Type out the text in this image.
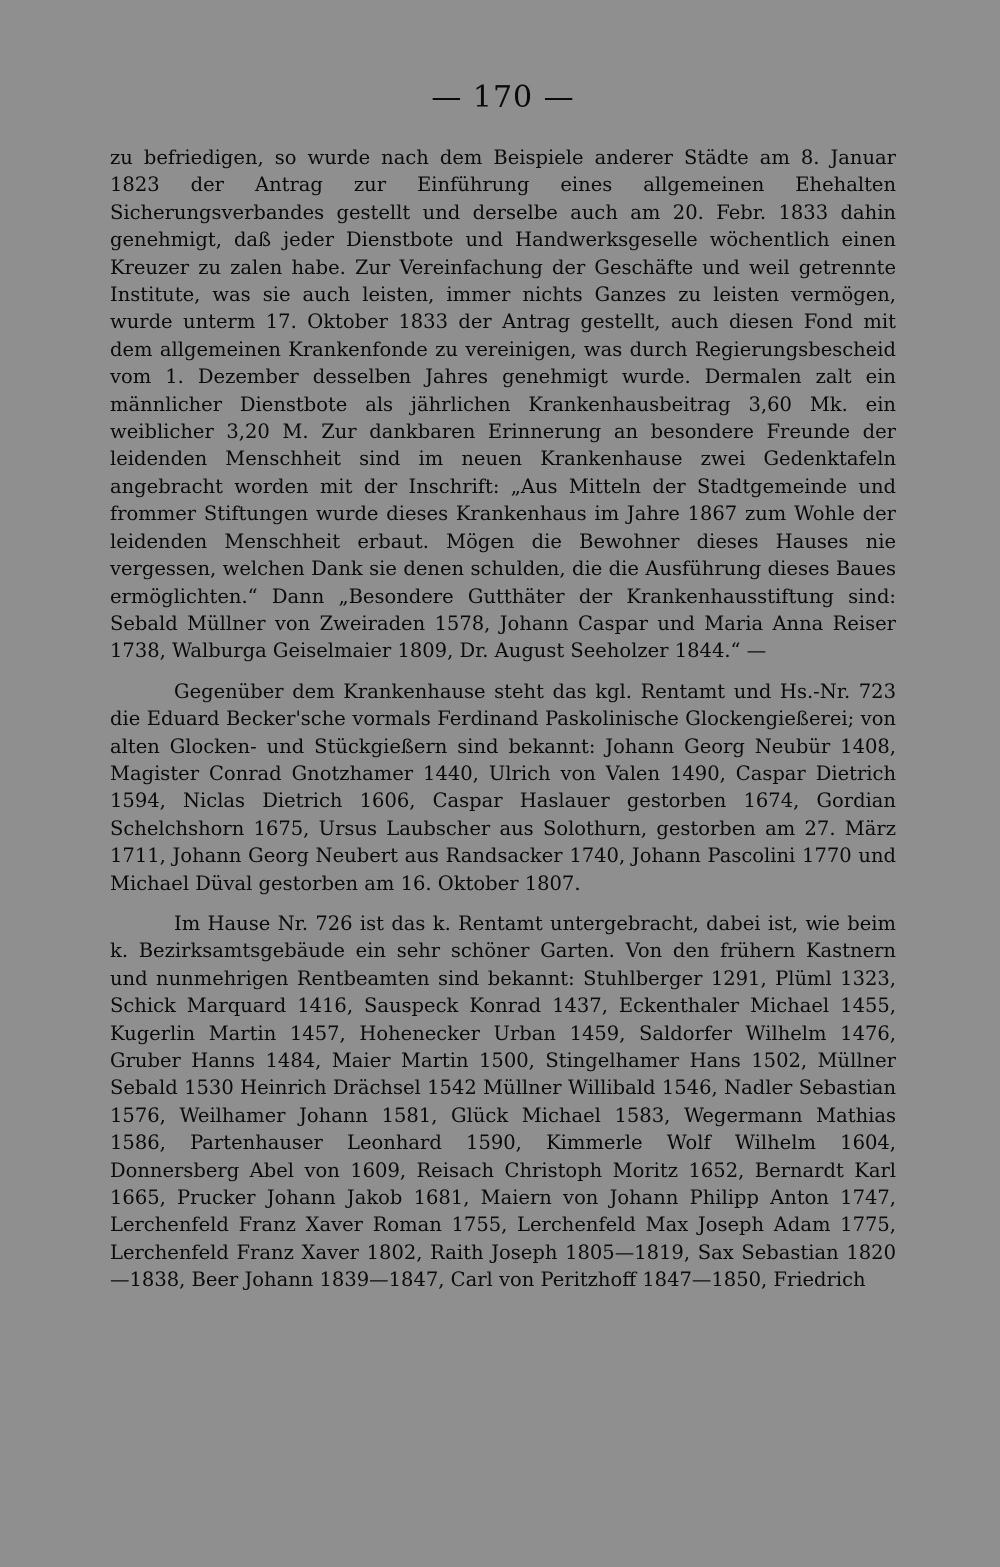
— 170 —

zu befriedigen, so wurde nach dem Beispiele anderer Städte am 8. Januar 1823 der Antrag zur Einführung eines allgemeinen Ehehalten Sicherungsverbandes gestellt und derselbe auch am 20. Febr. 1833 dahin genehmigt, daß jeder Dienstbote und Handwerksgeselle wöchentlich einen Kreuzer zu zalen habe. Zur Vereinfachung der Geschäfte und weil getrennte Institute, was sie auch leisten, immer nichts Ganzes zu leisten vermögen, wurde unterm 17. Oktober 1833 der Antrag gestellt, auch diesen Fond mit dem allgemeinen Krankenfonde zu vereinigen, was durch Regierungsbescheid vom 1. Dezember desselben Jahres genehmigt wurde. Dermalen zalt ein männlicher Dienstbote als jährlichen Krankenhausbeitrag 3,60 Mk. ein weiblicher 3,20 M. Zur dankbaren Erinnerung an besondere Freunde der leidenden Menschheit sind im neuen Krankenhause zwei Gedenktafeln angebracht worden mit der Inschrift: „Aus Mitteln der Stadtgemeinde und frommer Stiftungen wurde dieses Krankenhaus im Jahre 1867 zum Wohle der leidenden Menschheit erbaut. Mögen die Bewohner dieses Hauses nie vergessen, welchen Dank sie denen schulden, die die Ausführung dieses Baues ermöglichten.“ Dann „Besondere Gutthäter der Krankenhausstiftung sind: Sebald Müllner von Zweiraden 1578, Johann Caspar und Maria Anna Reiser 1738, Walburga Geiselmaier 1809, Dr. August Seeholzer 1844.“ —

Gegenüber dem Krankenhause steht das kgl. Rentamt und Hs.-Nr. 723 die Eduard Becker'sche vormals Ferdinand Paskolinische Glockengießerei; von alten Glocken- und Stückgießern sind bekannt: Johann Georg Neubür 1408, Magister Conrad Gnotzhamer 1440, Ulrich von Valen 1490, Caspar Dietrich 1594, Niclas Dietrich 1606, Caspar Haslauer gestorben 1674, Gordian Schelchshorn 1675, Ursus Laubscher aus Solothurn, gestorben am 27. März 1711, Johann Georg Neubert aus Randsacker 1740, Johann Pascolini 1770 und Michael Düval gestorben am 16. Oktober 1807.

Im Hause Nr. 726 ist das k. Rentamt untergebracht, dabei ist, wie beim k. Bezirksamtsgebäude ein sehr schöner Garten. Von den frühern Kastnern und nunmehrigen Rentbeamten sind bekannt: Stuhlberger 1291, Plüml 1323, Schick Marquard 1416, Sauspeck Konrad 1437, Eckenthaler Michael 1455, Kugerlin Martin 1457, Hohenecker Urban 1459, Saldorfer Wilhelm 1476, Gruber Hanns 1484, Maier Martin 1500, Stingelhamer Hans 1502, Müllner Sebald 1530 Heinrich Drächsel 1542 Müllner Willibald 1546, Nadler Sebastian 1576, Weilhamer Johann 1581, Glück Michael 1583, Wegermann Mathias 1586, Partenhauser Leonhard 1590, Kimmerle Wolf Wilhelm 1604, Donnersberg Abel von 1609, Reisach Christoph Moritz 1652, Bernardt Karl 1665, Prucker Johann Jakob 1681, Maiern von Johann Philipp Anton 1747, Lerchenfeld Franz Xaver Roman 1755, Lerchenfeld Max Joseph Adam 1775, Lerchenfeld Franz Xaver 1802, Raith Joseph 1805—1819, Sax Sebastian 1820—1838, Beer Johann 1839—1847, Carl von Peritzhoff 1847—1850, Friedrich
